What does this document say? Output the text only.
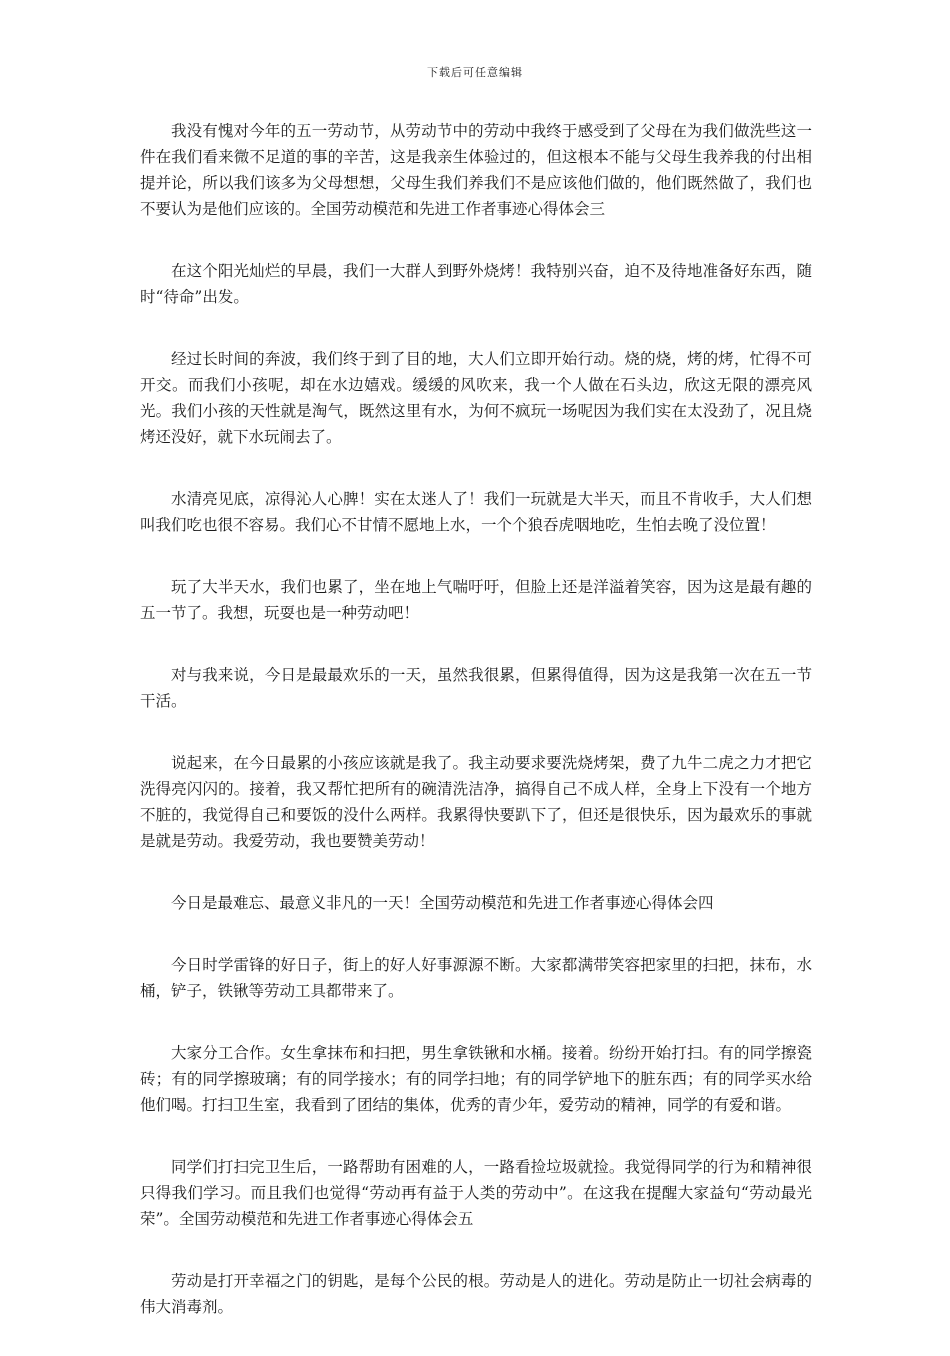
下载后可任意编辑

我没有愧对今年的五一劳动节，从劳动节中的劳动中我终于感受到了父母在为我们做洗些这一件在我们看来微不足道的事的辛苦，这是我亲生体验过的，但这根本不能与父母生我养我的付出相提并论，所以我们该多为父母想想，父母生我们养我们不是应该他们做的，他们既然做了，我们也不要认为是他们应该的。全国劳动模范和先进工作者事迹心得体会三

在这个阳光灿烂的早晨，我们一大群人到野外烧烤！我特别兴奋，迫不及待地准备好东西，随时“待命”出发。

经过长时间的奔波，我们终于到了目的地，大人们立即开始行动。烧的烧，烤的烤，忙得不可开交。而我们小孩呢，却在水边嬉戏。缓缓的风吹来，我一个人做在石头边，欣这无限的漂亮风光。我们小孩的天性就是淘气，既然这里有水，为何不疯玩一场呢因为我们实在太没劲了，况且烧烤还没好，就下水玩闹去了。

水清亮见底，凉得沁人心脾！实在太迷人了！我们一玩就是大半天，而且不肯收手，大人们想叫我们吃也很不容易。我们心不甘情不愿地上水，一个个狼吞虎咽地吃，生怕去晚了没位置！

玩了大半天水，我们也累了，坐在地上气喘吁吁，但脸上还是洋溢着笑容，因为这是最有趣的五一节了。我想，玩耍也是一种劳动吧！

对与我来说，今日是最最欢乐的一天，虽然我很累，但累得值得，因为这是我第一次在五一节干活。

说起来，在今日最累的小孩应该就是我了。我主动要求要洗烧烤架，费了九牛二虎之力才把它洗得亮闪闪的。接着，我又帮忙把所有的碗清洗洁净，搞得自己不成人样，全身上下没有一个地方不脏的，我觉得自己和要饭的没什么两样。我累得快要趴下了，但还是很快乐，因为最欢乐的事就是就是劳动。我爱劳动，我也要赞美劳动！

今日是最难忘、最意义非凡的一天！全国劳动模范和先进工作者事迹心得体会四

今日时学雷锋的好日子，街上的好人好事源源不断。大家都满带笑容把家里的扫把，抹布，水桶，铲子，铁锹等劳动工具都带来了。

大家分工合作。女生拿抹布和扫把，男生拿铁锹和水桶。接着。纷纷开始打扫。有的同学擦瓷砖；有的同学擦玻璃；有的同学接水；有的同学扫地；有的同学铲地下的脏东西；有的同学买水给他们喝。打扫卫生室，我看到了团结的集体，优秀的青少年，爱劳动的精神，同学的有爱和谐。

同学们打扫完卫生后，一路帮助有困难的人，一路看捡垃圾就捡。我觉得同学的行为和精神很只得我们学习。而且我们也觉得“劳动再有益于人类的劳动中”。在这我在提醒大家益句“劳动最光荣”。全国劳动模范和先进工作者事迹心得体会五

劳动是打开幸福之门的钥匙，是每个公民的根。劳动是人的进化。劳动是防止一切社会病毒的伟大消毒剂。
